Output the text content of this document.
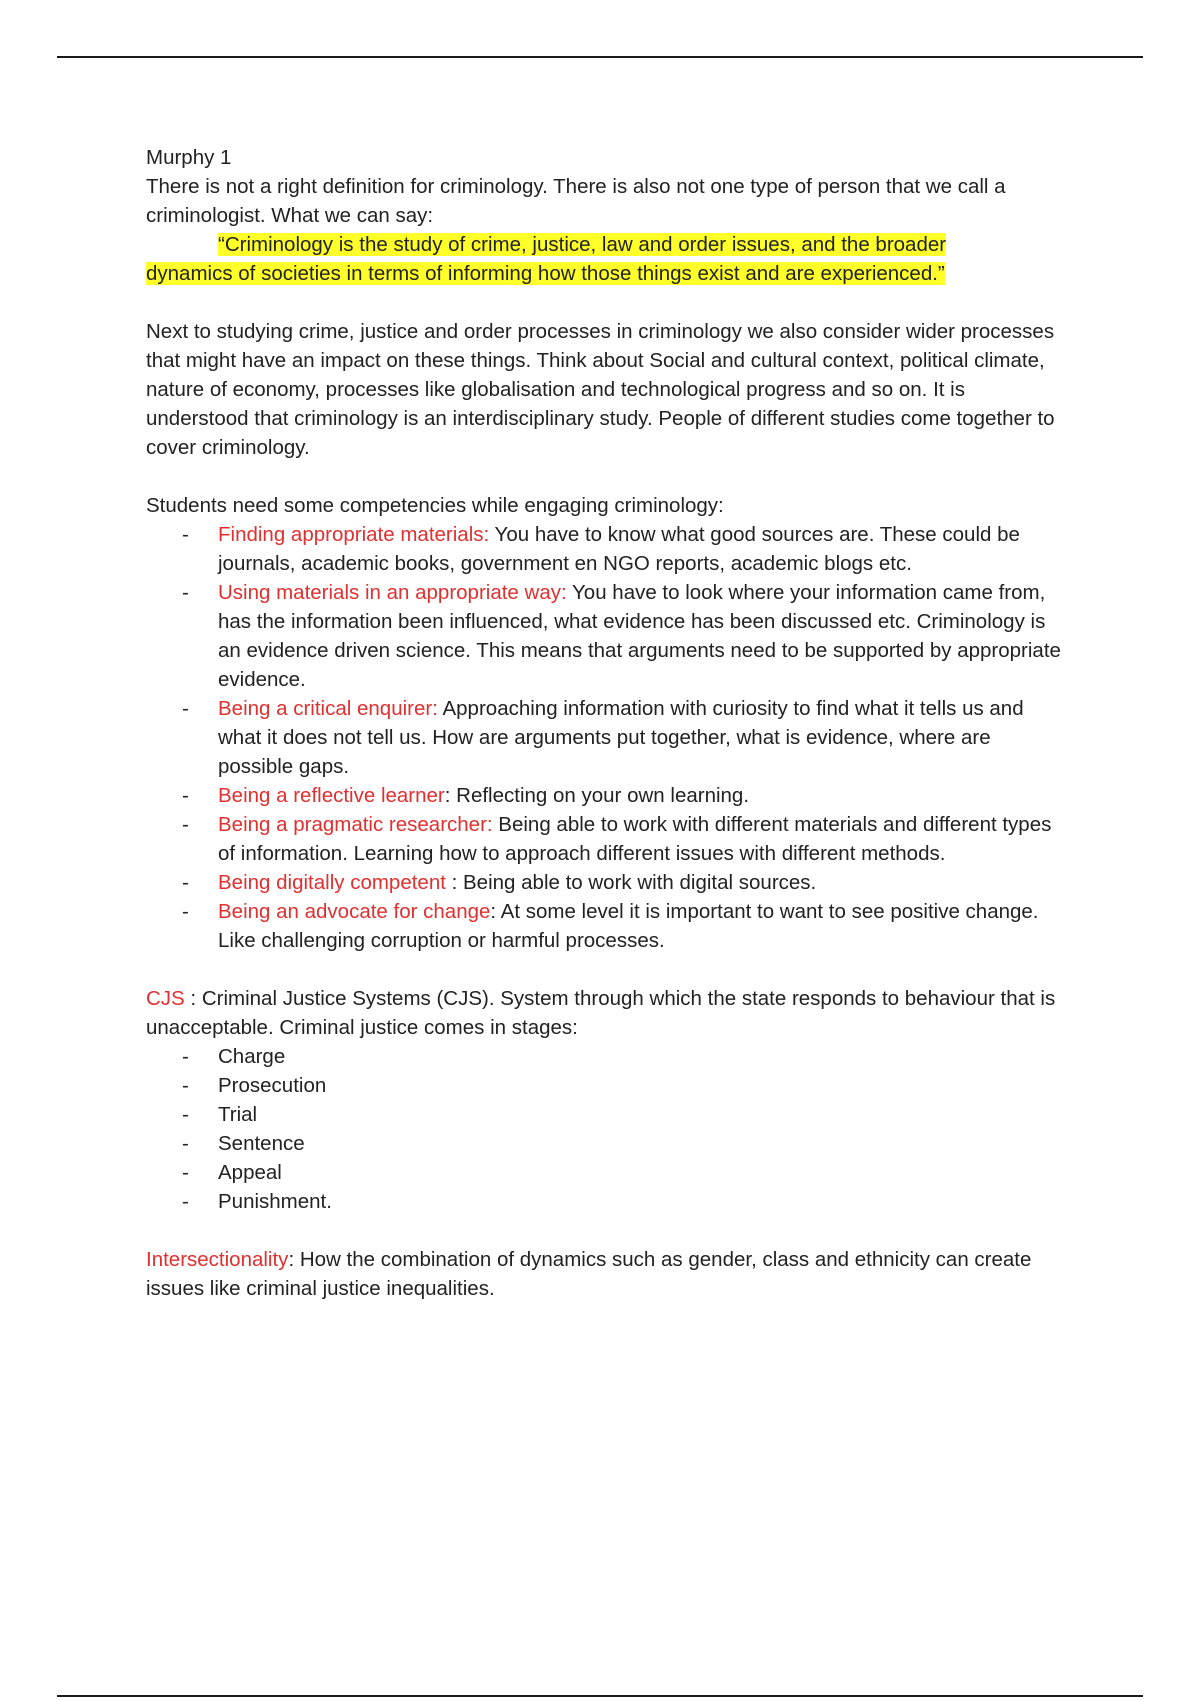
Murphy 1

There is not a right definition for criminology. There is also not one type of person that we call a criminologist. What we can say:

“Criminology is the study of crime, justice, law and order issues, and the broader
dynamics of societies in terms of informing how those things exist and are experienced.”

Next to studying crime, justice and order processes in criminology we also consider wider processes that might have an impact on these things. Think about Social and cultural context, political climate, nature of economy, processes like globalisation and technological progress and so on. It is understood that criminology is an interdisciplinary study. People of different studies come together to cover criminology.

Students need some competencies while engaging criminology:

- Finding appropriate materials: You have to know what good sources are. These could be journals, academic books, government en NGO reports, academic blogs etc.
- Using materials in an appropriate way: You have to look where your information came from, has the information been influenced, what evidence has been discussed etc. Criminology is an evidence driven science. This means that arguments need to be supported by appropriate evidence.
- Being a critical enquirer: Approaching information with curiosity to find what it tells us and what it does not tell us. How are arguments put together, what is evidence, where are possible gaps.
- Being a reflective learner: Reflecting on your own learning.
- Being a pragmatic researcher: Being able to work with different materials and different types of information. Learning how to approach different issues with different methods.
- Being digitally competent : Being able to work with digital sources.
- Being an advocate for change: At some level it is important to want to see positive change. Like challenging corruption or harmful processes.

CJS : Criminal Justice Systems (CJS). System through which the state responds to behaviour that is unacceptable. Criminal justice comes in stages:

- Charge
- Prosecution
- Trial
- Sentence
- Appeal
- Punishment.

Intersectionality: How the combination of dynamics such as gender, class and ethnicity can create issues like criminal justice inequalities.
